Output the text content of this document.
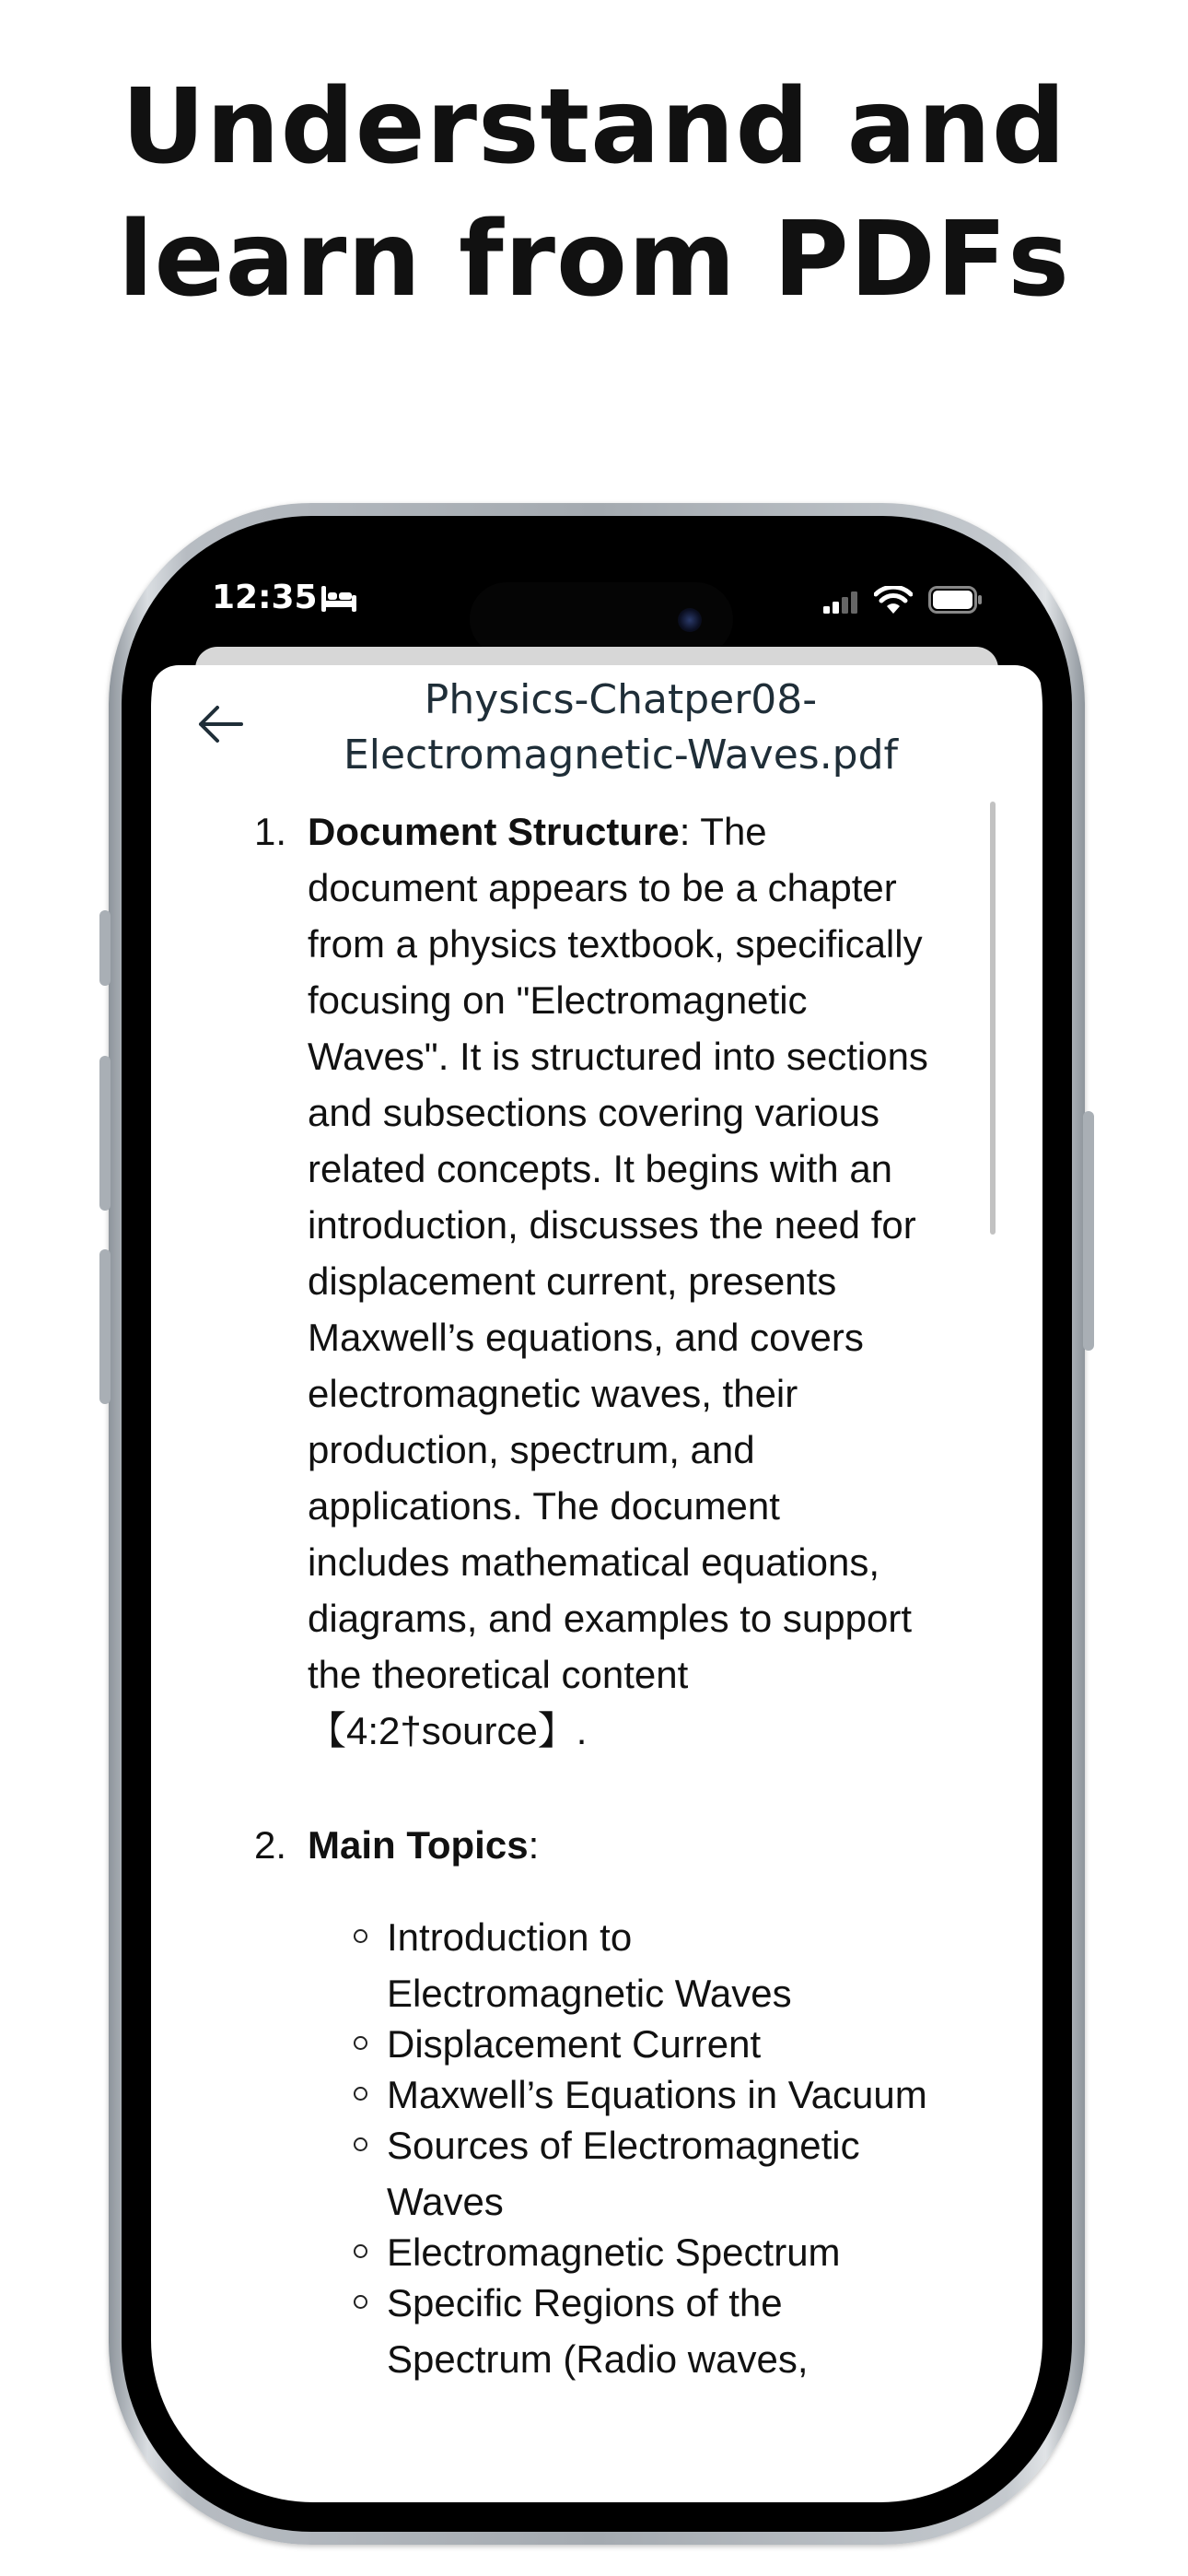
Understand and
learn from PDFs
12:35
Physics-Chatper08-
Electromagnetic-Waves.pdf
1. Document Structure: The
document appears to be a chapter
from a physics textbook, specifically
focusing on "Electromagnetic
Waves". It is structured into sections
and subsections covering various
related concepts. It begins with an
introduction, discusses the need for
displacement current, presents
Maxwell’s equations, and covers
electromagnetic waves, their
production, spectrum, and
applications. The document
includes mathematical equations,
diagrams, and examples to support
the theoretical content
【4:2†source】.
2. Main Topics:
Introduction to
Electromagnetic Waves
Displacement Current
Maxwell’s Equations in Vacuum
Sources of Electromagnetic
Waves
Electromagnetic Spectrum
Specific Regions of the
Spectrum (Radio waves,
